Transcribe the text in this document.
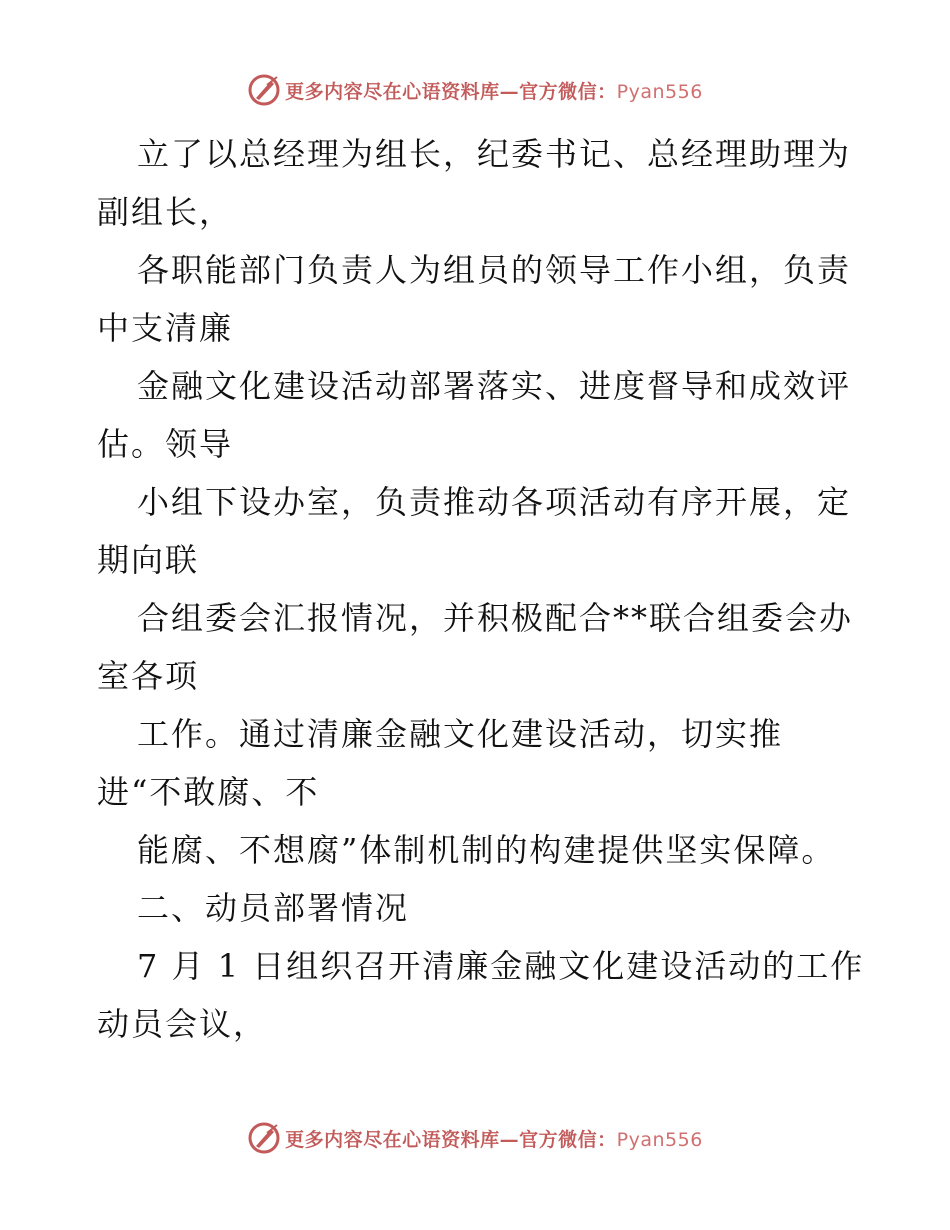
更多内容尽在心语资料库—官方微信：Pyan556
立了以总经理为组长，纪委书记、总经理助理为
副组长，
各职能部门负责人为组员的领导工作小组，负责
中支清廉
金融文化建设活动部署落实、进度督导和成效评
估。领导
小组下设办室，负责推动各项活动有序开展，定
期向联
合组委会汇报情况，并积极配合**联合组委会办
室各项
工作。通过清廉金融文化建设活动，切实推
进“不敢腐、不
能腐、不想腐”体制机制的构建提供坚实保障。
二、动员部署情况
7 月 1 日组织召开清廉金融文化建设活动的工作
动员会议，
更多内容尽在心语资料库—官方微信：Pyan556
